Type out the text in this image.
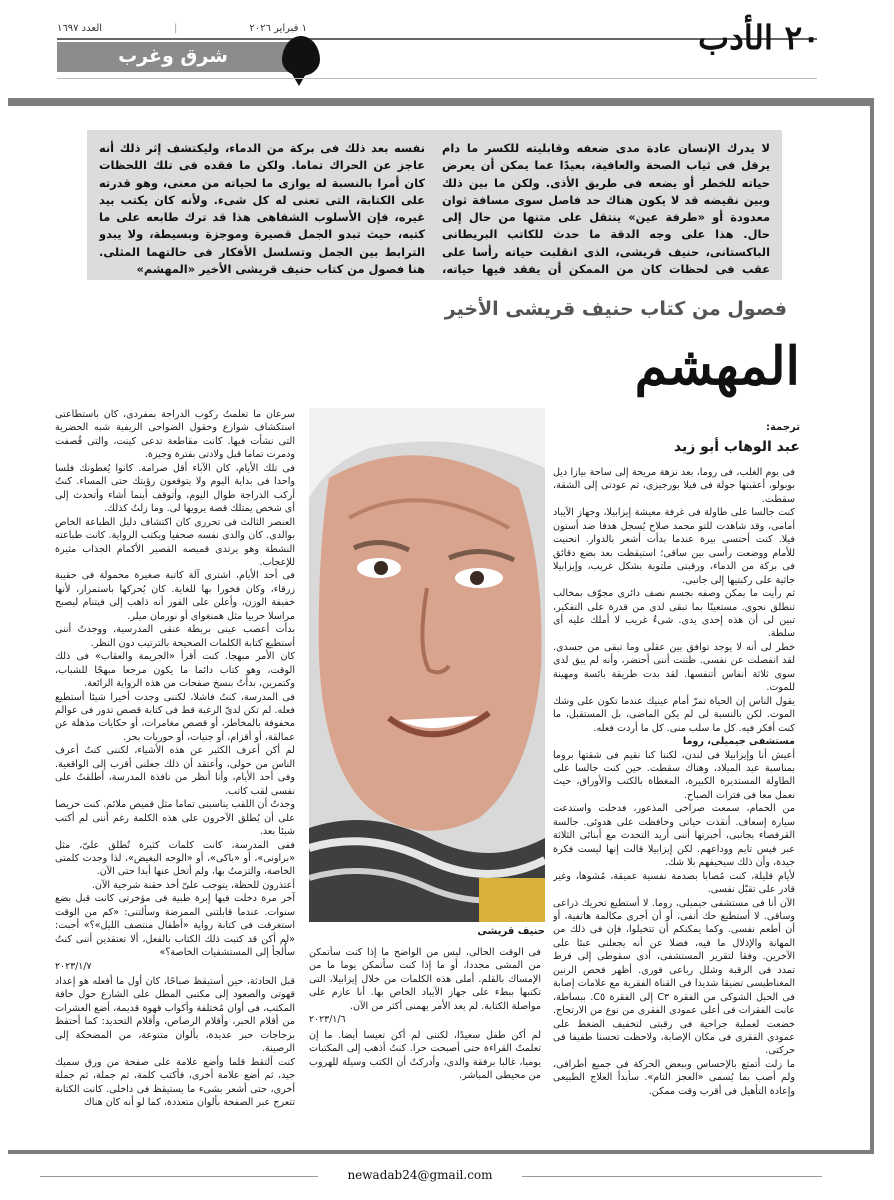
١ فبراير ٢٠٢٦
|
العدد ١٦٩٧	٢٠ الأدب
شرق وغرب
لا يدرك الإنسان عادة مدى ضعفه وقابليته للكسر ما دام يرفل فى ثياب الصحة والعافية، بعيدًا عما يمكن أن يعرض حياته للخطر أو يضعه فى طريق الأذى. ولكن ما بين ذلك وبين نقيضه قد لا يكون هناك حد فاصل سوى مسافة ثوان معدودة أو «طرفة عين» ينتقل على متنها من حال إلى حال. هذا على وجه الدقة ما حدث للكاتب البريطانى الباكستانى، حنيف قريشى، الذى انقلبت حياته رأسا على عقب فى لحظات كان من الممكن أن يفقد فيها حياته،
نفسه بعد ذلك فى بركة من الدماء، وليكتشف إثر ذلك أنه عاجز عن الحراك تماما. ولكن ما فقده فى تلك اللحظات كان أمرا بالنسبة له يوازى ما لحياته من معنى، وهو قدرته على الكتابة، التى تعنى له كل شىء. ولأنه كان يكتب بيد غيره، فإن الأسلوب الشفاهى هذا قد ترك طابعه على ما كتبه، حيث تبدو الجمل قصيرة وموجزة وبسيطة، ولا يبدو الترابط بين الجمل وتسلسل الأفكار فى حالتهما المثلى. هنا فصول من كتاب حنيف قريشى الأخير «المهشم»
فصول من كتاب حنيف قريشى الأخير
المهشم
ترجمة:
عبد الوهاب أبو زيد
حنيف قريشى

فى يوم الغلب، فى روما، بعد نزهة مريحة إلى ساحة بيازا ديل بوبولو، أعقبتها جولة فى فيلا بورجيزى، ثم عودتى إلى الشقة، سقطت.

كنت جالسا على طاولة فى غرفة معيشة إيزابيلا، وجهاز الآيباد أمامى، وقد شاهدت للتو محمد صلاح يُسجل هدفا ضد أستون فيلا. كنت أحتسى بيرة عندما بدأت أشعر بالدوار. انحنيت للأمام ووضعت رأسى بين ساقى؛ استيقظت بعد بضع دقائق فى بركة من الدماء، ورقبتى ملتوية بشكل غريب، وإيزابيلا جاثية على ركبتيها إلى جانبى.

ثم رأيت ما يمكن وصفه بجسم نصف دائرى مجوّف بمخالب تنطلق نحوى. مستعينًا بما تبقى لدى من قدرة على التفكير، تبين لى أن هذه إحدى يدى. شىءٌ غريب لا أملك عليه أى سلطة.

خطر لى أنه لا يوجد توافق بين عقلى وما تبقى من جسدى. لقد انفصلت عن نفسى. ظننت أننى أحتضر، وأنه لم يبق لدى سوى ثلاثة أنفاس أتنفسها. لقد بدت طريقة بائسة ومهينة للموت.

يقول الناس إن الحياة تمرّ أمام عينيك عندما تكون على وشك الموت. لكن بالنسبة لى لم يكن الماضى، بل المستقبل، ما كنت أفكر فيه. كل ما سلب منى. كل ما أردت فعله.

مستشفى جيميلى، روما

أعيش أنا وإيزابيلا فى لندن، لكننا كنا نقيم فى شقتها بروما بمناسبة عيد الميلاد، وهناك سقطت. حين كنت جالسا على الطاولة المستديرة الكبيرة، المغطاة بالكتب والأوراق، حيث نعمل معا فى فترات الصباح.

من الحمام، سمعت صراخى المذعور، فدخلت واستدعت سيارة إسعاف. أنقذت حياتى وحافظت على هدوئى. جالسة القرفصاء بجانبى، أخبرتها أننى أريد التحدث مع أبنائى الثلاثة عبر فيس تايم ووداعهم. لكن إيزابيلا قالت إنها ليست فكرة جيدة، وأن ذلك سيخيفهم بلا شك.

لأيام قليلة، كنت مُصابا بصدمة نفسية عميقة، مُشوها، وغير قادر على تقبّل نفسى.

الآن أنا فى مستشفى جيميلى، روما. لا أستطيع تحريك ذراعى وساقى. لا أستطيع حك أنفى، أو أن أجرى مكالمة هاتفية، أو أن أطعم نفسى. وكما يمكنكم أن تتخيلوا، فإن فى ذلك من المهانة والإذلال ما فيه، فضلا عن أنه يجعلنى عبئا على الآخرين. وفقا لتقرير المستشفى، أدى سقوطى إلى فرط تمدد فى الرقبة وشلل رباعى فورى. أظهر فحص الرنين المغناطيسى تضيقا شديدا فى القناة الفقرية مع علامات إصابة فى الحبل الشوكى من الفقرة C٣ إلى الفقرة C٥. ببساطة، عانت الفقرات فى أعلى عمودى الفقرى من نوع من الارتجاج. خضعت لعملية جراحية فى رقبتى لتخفيف الضغط على عمودى الفقرى فى مكان الإصابة، ولاحظت تحسنا طفيفا فى حركتى.

ما زلت أتمتع بالإحساس وببعض الحركة فى جميع أطرافى، ولم أصب بما يُسمى «العجز التام». سأبدأ العلاج الطبيعى وإعادة التأهيل فى أقرب وقت ممكن.

فى الوقت الحالى، ليس من الواضح ما إذا كنت سأتمكن من المشى مجددا، أو ما إذا كنت سأتمكن يوما ما من الإمساك بالقلم. أملى هذه الكلمات من خلال إيزابيلا، التى تكتبها ببطء على جهاز الآيباد الخاص بها. أنا عازم على مواصلة الكتابة. لم يعد الأمر يهمنى أكثر من الآن.

٢٠٢٣/١/٦

لم أكن طفل سعيدًا، لكننى لم أكن تعيسا أيضا. ما إن تعلمتُ القراءة حتى أصبحت حرا. كنتُ أذهب إلى المكتبات يوميا، غالبا برفقة والدى، وأدركتُ أن الكتب وسيلة للهروب من محيطى المباشر.

سرعان ما تعلمتُ ركوب الدراجة بمفردى، كان باستطاعتى استكشاف شوارع وحقول الضواحى الريفية شبه الحضرية التى نشأت فيها. كانت مقاطعة تدعى كينت، والتى قُصفت ودمرت تماما قبل ولادتى بفترة وجيزة.

فى تلك الأيام، كان الآباء أقل صرامة. كانوا يُعطونك فلسا واحدا فى بداية اليوم ولا يتوقعون رؤيتك حتى المساء. كنتُ أركب الدراجة طوال اليوم، وأتوقف أينما أشاء وأتحدث إلى أى شخص يمتلك قصة يرويها لى. وما زلتُ كذلك.

العنصر الثالث فى تحررى كان اكتشاف دليل الطباعة الخاص بوالدى. كان والدى نفسه صحفيا ويكتب الرواية. كانت طباعته النشطة وهو يرتدى قميصه القصير الأكمام الجذاب مثيرة للإعجاب.

فى أحد الأيام، اشترى آلة كاتبة صغيرة محمولة فى حقيبة زرقاء، وكان فخورا بها للغاية. كان يُحركها باستمرار، لأنها خفيفة الوزن، وأعلن على الفور أنه ذاهب إلى فيتنام ليصبح مراسلا حربيا مثل همنغواى أو نورمان ميلر.

بدأت أعصب عينى بربطة عنقى المدرسية، ووجدتُ أننى أستطيع كتابة الكلمات الصحيحة بالترتيب دون النظر.

كان الأمر مبهجا. كنت أقرأ «الجريمة والعقاب» فى ذلك الوقت، وهو كتاب دائما ما يكون مرجعا مبهجًا للشباب، وكتمرين، بدأتُ بنسخ صفحات من هذه الرواية الرائعة.

فى المدرسة، كنتُ فاشلا، لكننى وجدت أخيرا شيئا أستطيع فعله. لم تكن لدىّ الرغبة قط فى كتابة قصص تدور فى عوالم محفوفة بالمخاطر، أو قصص مغامرات، أو حكايات مذهلة عن عمالقة، أو أقزام، أو جنيات، أو حوريات بحر.

لم أكن أعرف الكثير عن هذه الأشياء، لكننى كنتُ أعرف الناس من حولى، وأعتقد أن ذلك جعلنى أقرب إلى الواقعية. وفى أحد الأيام، وأنا أنظر من نافذة المدرسة، أطلقتُ على نفسى لقب كاتب.

وجدتُ أن اللقب يناسبنى تماما مثل قميص ملائم. كنت حريصا على أن يُطلق الآخرون على هذه الكلمة رغم أننى لم أكتب شيئا بعد.

ففى المدرسة، كانت كلمات كثيرة تُطلق علىّ، مثل «براونى»، أو «باكى»، أو «الوجه البغيض»، لذا وجدت كلمتى الخاصة، والتزمتُ بها، ولم أتخل عنها أبدا حتى الآن.

أعتذرون للحظة، يتوجب علىّ أخذ حقنة شرجية الآن.

آخر مرة دخلت فيها إبرة طبية فى مؤخرتى كانت قبل بضع سنوات. عندما قابلتنى الممرضة وسألتنى: «كم من الوقت استغرقت فى كتابة رواية «أطفال منتصف الليل»؟» أجبت: «لم أكن قد كتبت ذلك الكتاب بالفعل، ألا تعتقدين أننى كنتُ سأُلجأ إلى المستشفيات الخاصة؟»

٢٠٢٣/١/٧

قبل الحادثة، حين أستيقظ صباحًا، كان أول ما أفعله هو إعداد قهوتى والصعود إلى مكتبى المطل على الشارع حول حافة المكتب، فى أوان مُختلفة وأكواب قهوة قديمة، أضع العشرات من أقلام الحبر، وأقلام الرصاص، وأقلام التحديد: كما أحتفظ بزجاجات حبر عديدة، بألوان متنوعة، من المضحكة إلى الرصينة.

كنت ألتقط قلما وأضع علامة على صفحة من ورق سميك جيد، ثم أضع علامة أخرى، فأكتب كلمة، ثم جملة، ثم جملة أخرى، حتى أشعر بشىء ما يستيقظ فى داخلى. كانت الكتابة تتعرج عبر الصفحة بألوان متعددة، كما لو أنه كان هناك

newadab24@gmail.com
